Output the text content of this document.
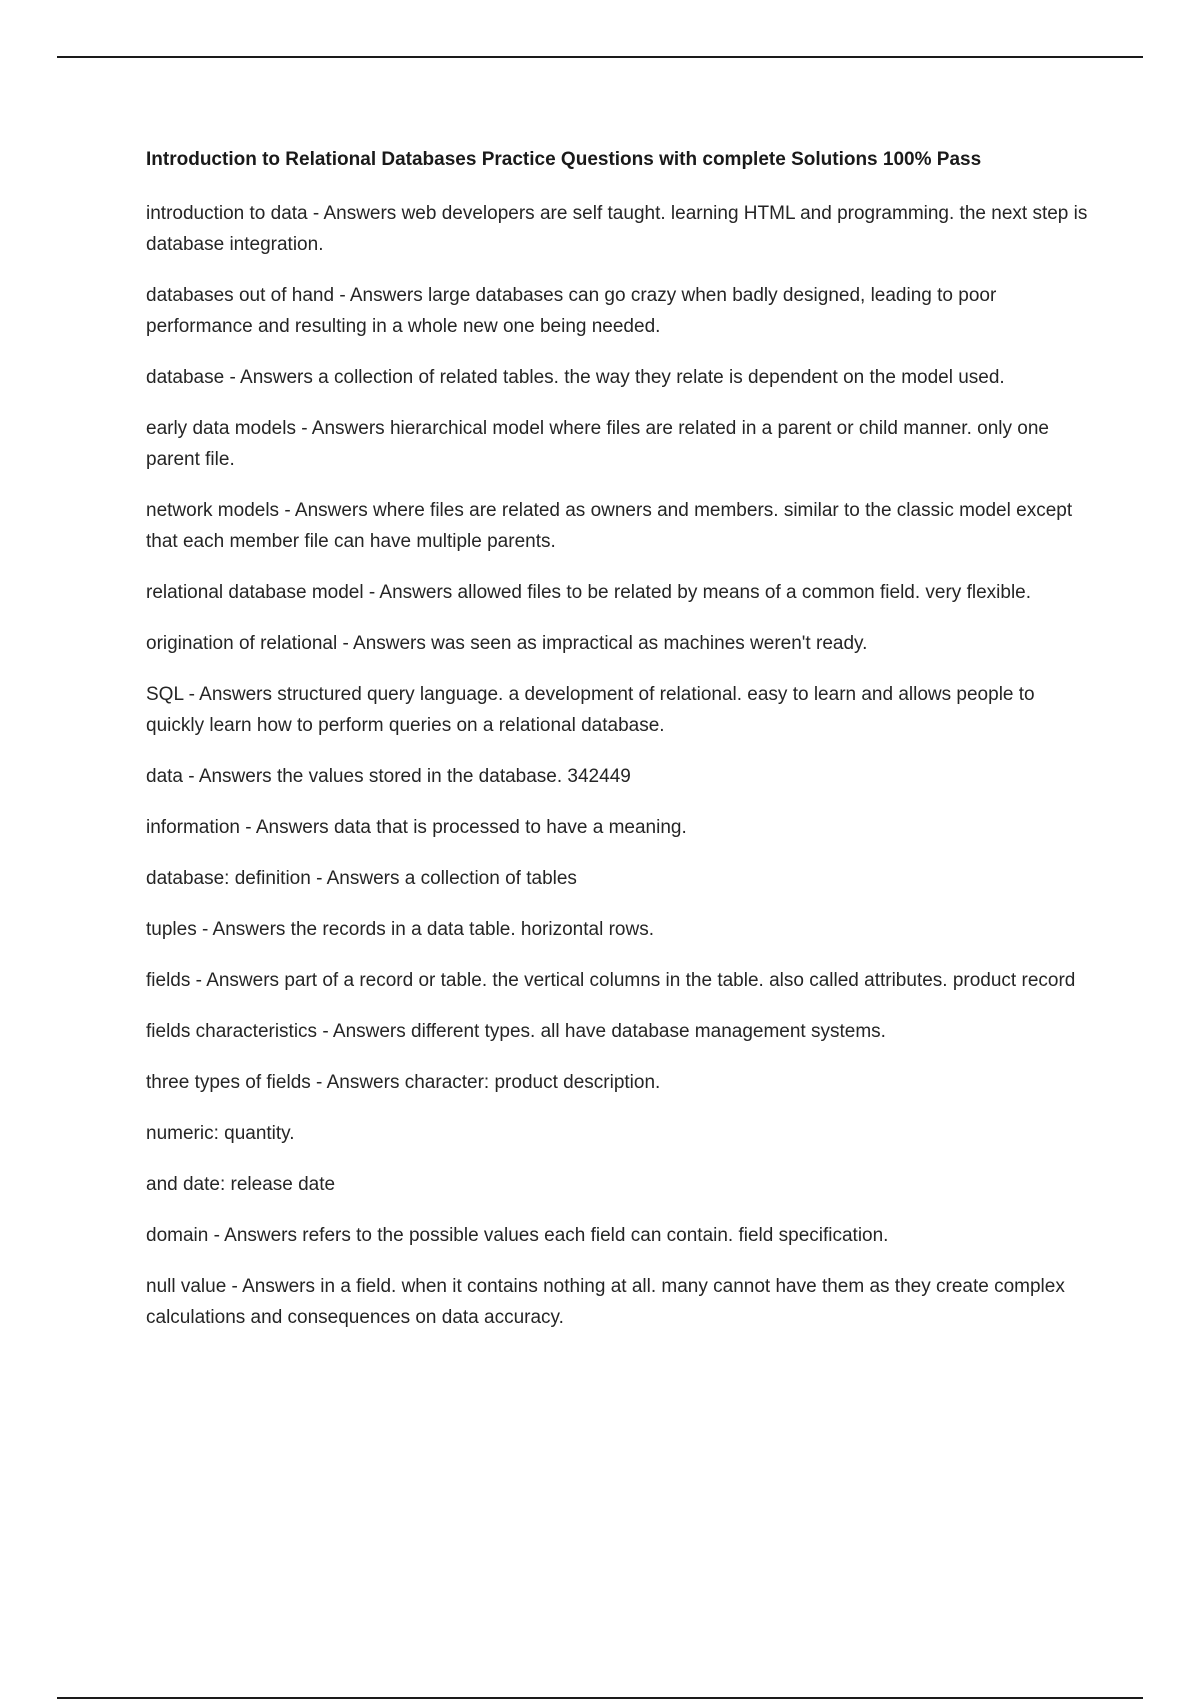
Introduction to Relational Databases Practice Questions with complete Solutions 100% Pass

introduction to data - Answers web developers are self taught. learning HTML and programming. the next step is database integration.

databases out of hand - Answers large databases can go crazy when badly designed, leading to poor performance and resulting in a whole new one being needed.

database - Answers a collection of related tables. the way they relate is dependent on the model used.

early data models - Answers hierarchical model where files are related in a parent or child manner. only one parent file.

network models - Answers where files are related as owners and members. similar to the classic model except that each member file can have multiple parents.

relational database model - Answers allowed files to be related by means of a common field. very flexible.

origination of relational - Answers was seen as impractical as machines weren't ready.

SQL - Answers structured query language. a development of relational. easy to learn and allows people to quickly learn how to perform queries on a relational database.

data - Answers the values stored in the database. 342449

information - Answers data that is processed to have a meaning.

database: definition - Answers a collection of tables

tuples - Answers the records in a data table. horizontal rows.

fields - Answers part of a record or table. the vertical columns in the table. also called attributes. product record

fields characteristics - Answers different types. all have database management systems.

three types of fields - Answers character: product description.

numeric: quantity.

and date: release date

domain - Answers refers to the possible values each field can contain. field specification.

null value - Answers in a field. when it contains nothing at all. many cannot have them as they create complex calculations and consequences on data accuracy.
